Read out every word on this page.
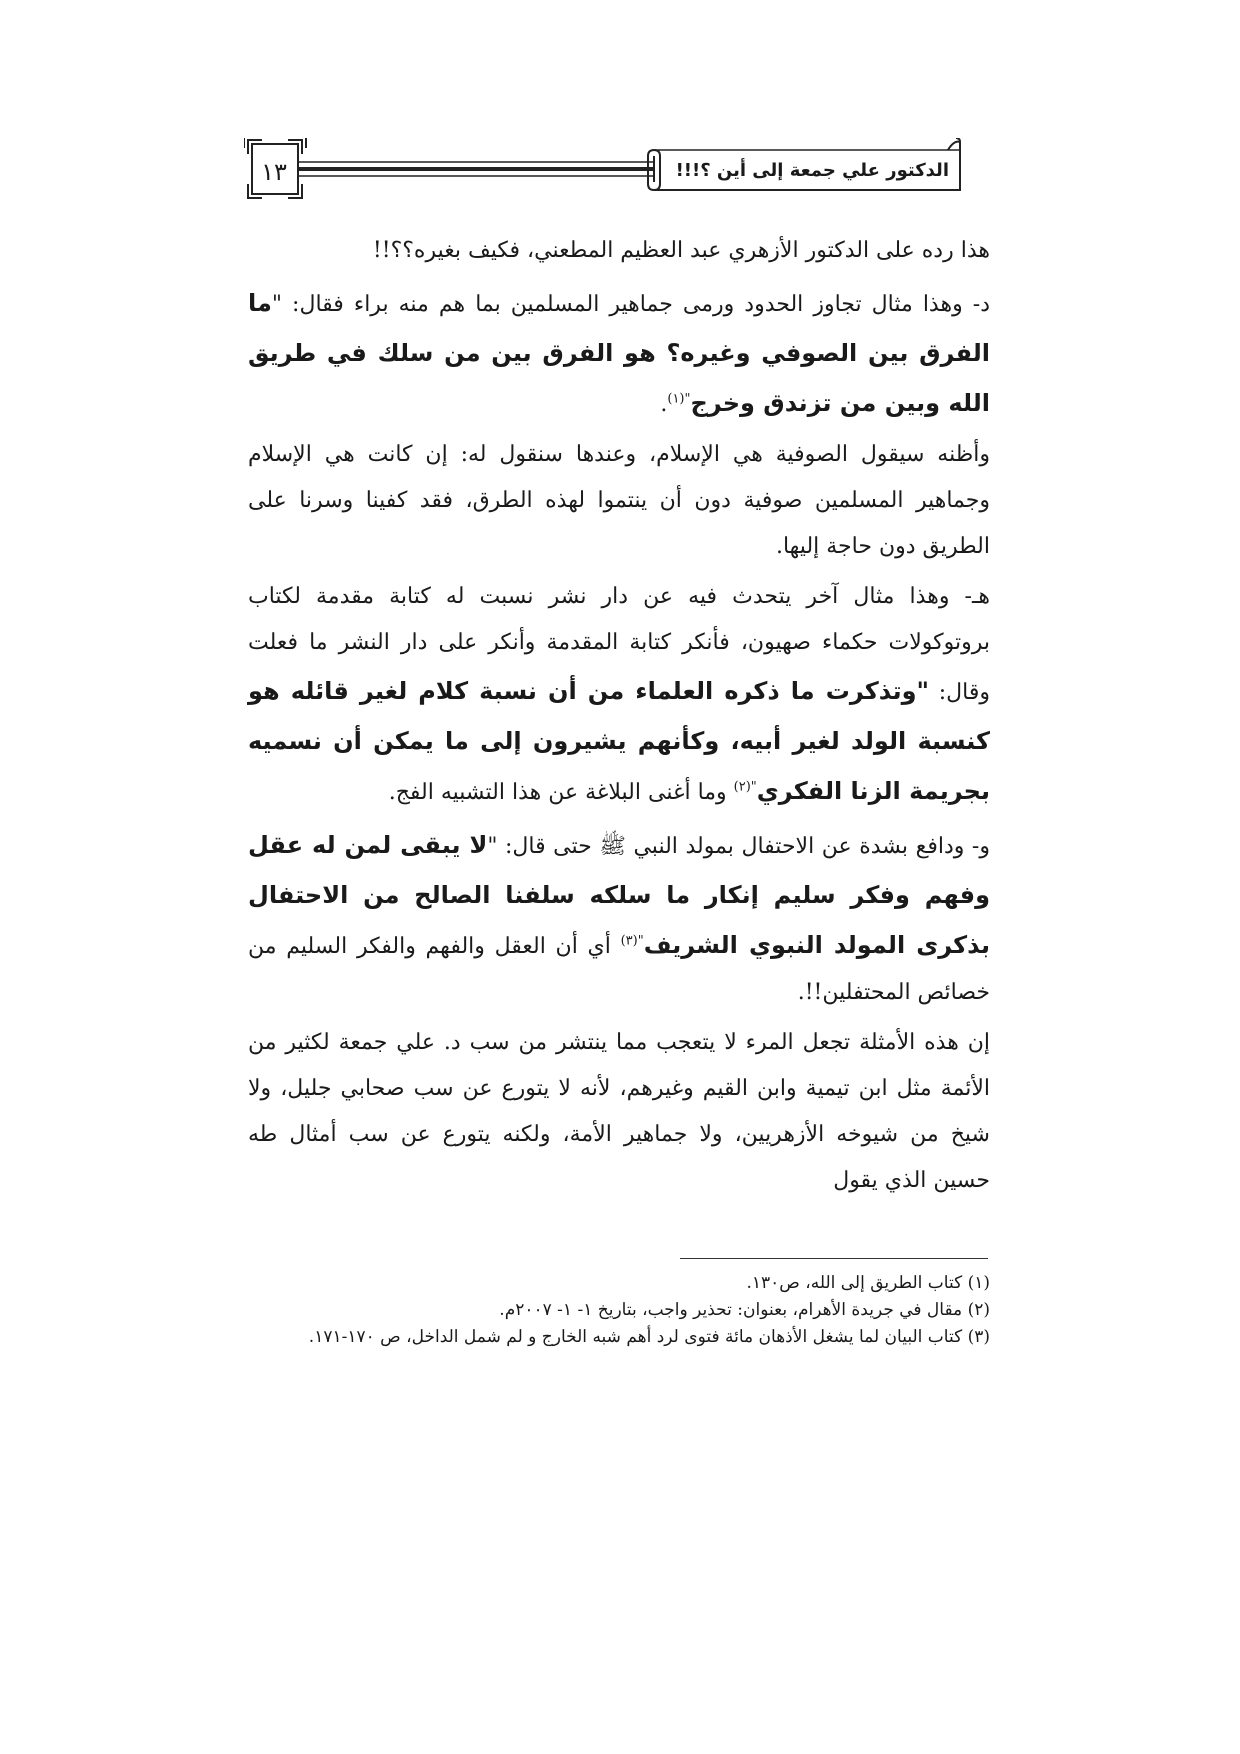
١٣	الدكتور علي جمعة إلى أين ؟!!!

هذا رده على الدكتور الأزهري عبد العظيم المطعني، فكيف بغيره؟؟!!

د- وهذا مثال تجاوز الحدود ورمى جماهير المسلمين بما هم منه براء فقال: "ما الفرق بين الصوفي وغيره؟ هو الفرق بين من سلك في طريق الله وبين من تزندق وخرج$^{"(١)}$.

وأظنه سيقول الصوفية هي الإسلام، وعندها سنقول له: إن كانت هي الإسلام وجماهير المسلمين صوفية دون أن ينتموا لهذه الطرق، فقد كفينا وسرنا على الطريق دون حاجة إليها.

هـ- وهذا مثال آخر يتحدث فيه عن دار نشر نسبت له كتابة مقدمة لكتاب بروتوكولات حكماء صهيون، فأنكر كتابة المقدمة وأنكر على دار النشر ما فعلت وقال: "وتذكرت ما ذكره العلماء من أن نسبة كلام لغير قائله هو كنسبة الولد لغير أبيه، وكأنهم يشيرون إلى ما يمكن أن نسميه بجريمة الزنا الفكري$^{"(٢)}$ وما أغنى البلاغة عن هذا التشبيه الفج.

و- ودافع بشدة عن الاحتفال بمولد النبي ﷺ حتى قال: "لا يبقى لمن له عقل وفهم وفكر سليم إنكار ما سلكه سلفنا الصالح من الاحتفال بذكرى المولد النبوي الشريف$^{"(٣)}$ أي أن العقل والفهم والفكر السليم من خصائص المحتفلين!!.

إن هذه الأمثلة تجعل المرء لا يتعجب مما ينتشر من سب د. علي جمعة لكثير من الأئمة مثل ابن تيمية وابن القيم وغيرهم، لأنه لا يتورع عن سب صحابي جليل، ولا شيخ من شيوخه الأزهريين، ولا جماهير الأمة، ولكنه يتورع عن سب أمثال طه حسين الذي يقول

(١) كتاب الطريق إلى الله، ص١٣٠.

(٢) مقال في جريدة الأهرام، بعنوان: تحذير واجب، بتاريخ ١- ١- ٢٠٠٧م.

(٣) كتاب البيان لما يشغل الأذهان مائة فتوى لرد أهم شبه الخارج و لم شمل الداخل، ص ١٧٠-١٧١.
